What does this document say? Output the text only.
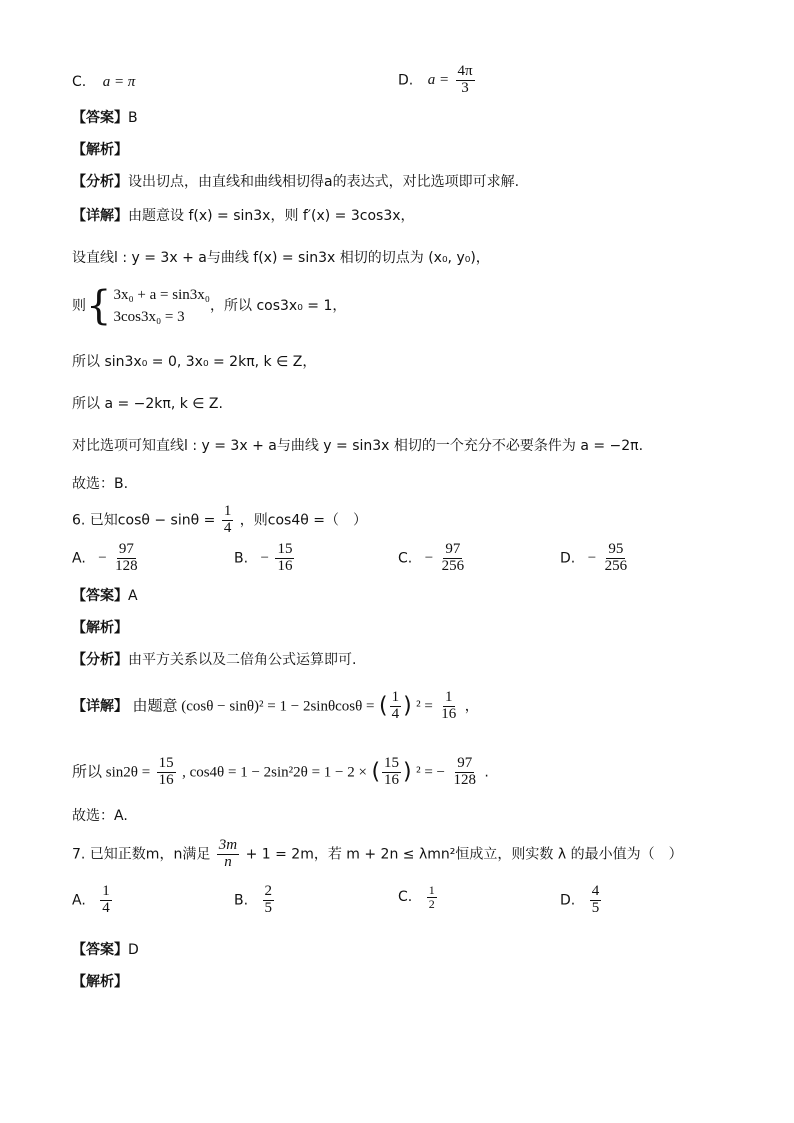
C. a = π	D. $a = \frac{4\pi}{3}$
【答案】B
【解析】
【分析】设出切点，由直线和曲线相切得a的表达式，对比选项即可求解.
【详解】由题意设 f(x) = sin3x，则 f′(x) = 3cos3x，
设直线l : y = 3x + a与曲线 f(x) = sin3x 相切的切点为 (x₀, y₀)，
则 { 3x₀ + a = sin3x₀
3cos3x₀ = 3
，所以 cos3x₀ = 1，
所以 sin3x₀ = 0, 3x₀ = 2kπ, k ∈ Z，
所以 a = −2kπ, k ∈ Z.
对比选项可知直线l : y = 3x + a与曲线 y = sin3x 相切的一个充分不必要条件为 a = −2π.
故选：B.
6. 已知$\cos\theta - \sin\theta = \frac{1}{4}$ ，则cos4θ =（　）
A. − $\frac{97}{128}$	B. − $\frac{15}{16}$	C. − $\frac{97}{256}$	D. − $\frac{95}{256}$
【答案】A
【解析】
【分析】由平方关系以及二倍角公式运算即可.
【详解】 由题意 (cosθ − sinθ)² = 1 − 2sinθcosθ = ( $\frac{1}{4}$ ) $^2 = \frac{1}{16}$ ，
所以 $\sin 2\theta = \frac{15}{16}$ , cos4θ = 1 − 2sin²2θ = 1 − 2 × ( $\frac{15}{16}$ ) ² = − $\frac{97}{128}$ .
故选：A.
7. 已知正数m，n满足 $\frac{3m}{n} + 1 = 2m$，若 m + 2n ≤ λmn²恒成立，则实数 λ 的最小值为（　）
A. $\frac{1}{4}$	B. $\frac{2}{5}$	C. $\frac{1}{2}$	D. $\frac{4}{5}$
【答案】D
【解析】
